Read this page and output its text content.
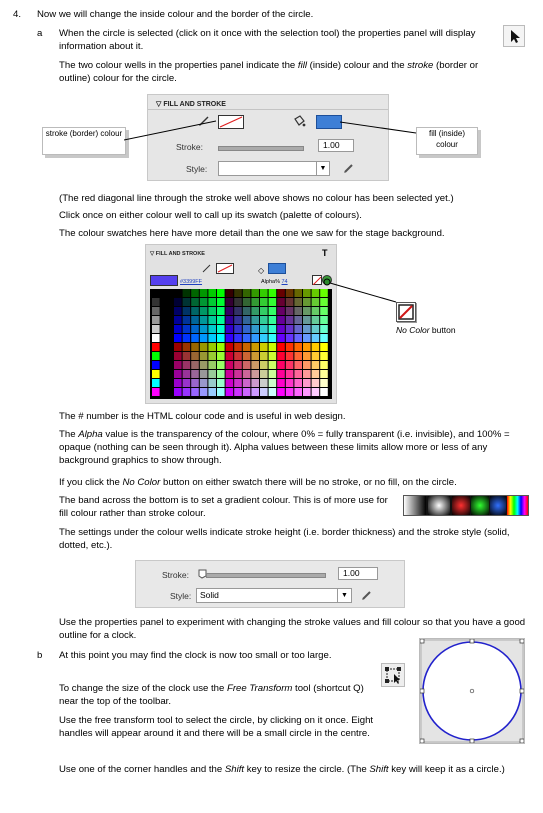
4. Now we will change the inside colour and the border of the circle.
a When the circle is selected (click on it once with the selection tool) the properties panel will display information about it.

The two colour wells in the properties panel indicate the fill (inside) colour and the stroke (border or outline) colour for the circle.

▽ FILL AND STROKE
Stroke:	1.00
Style:	▼
stroke (border) colour	fill (inside) colour

(The red diagonal line through the stroke well above shows no colour has been selected yet.)

Click once on either colour well to call up its swatch (palette of colours).

The colour swatches here have more detail than the one we saw for the stage background.

▽ FILL AND STROKE	T
◇
#3399FF	Alpha% 74
No Color button

The # number is the HTML colour code and is useful in web design.

The Alpha value is the transparency of the colour, where 0% = fully transparent (i.e. invisible), and 100% = opaque (nothing can be seen through it). Alpha values between these limits allow more or less of any background graphics to show through.

If you click the No Color button on either swatch there will be no stroke, or no fill, on the circle.

The band across the bottom is to set a gradient colour. This is of more use for fill colour rather than stroke colour.

The settings under the colour wells indicate stroke height (i.e. border thickness) and the stroke style (solid, dotted, etc.).

Stroke:	1.00
Style: Solid	▼

Use the properties panel to experiment with changing the stroke values and fill colour so that you have a good outline for a clock.

b At this point you may find the clock is now too small or too large.

To change the size of the clock use the Free Transform tool (shortcut Q) near the top of the toolbar.

Use the free transform tool to select the circle, by clicking on it once. Eight handles will appear around it and there will be a small circle in the centre.

Use one of the corner handles and the Shift key to resize the circle. (The Shift key will keep it as a circle.)
